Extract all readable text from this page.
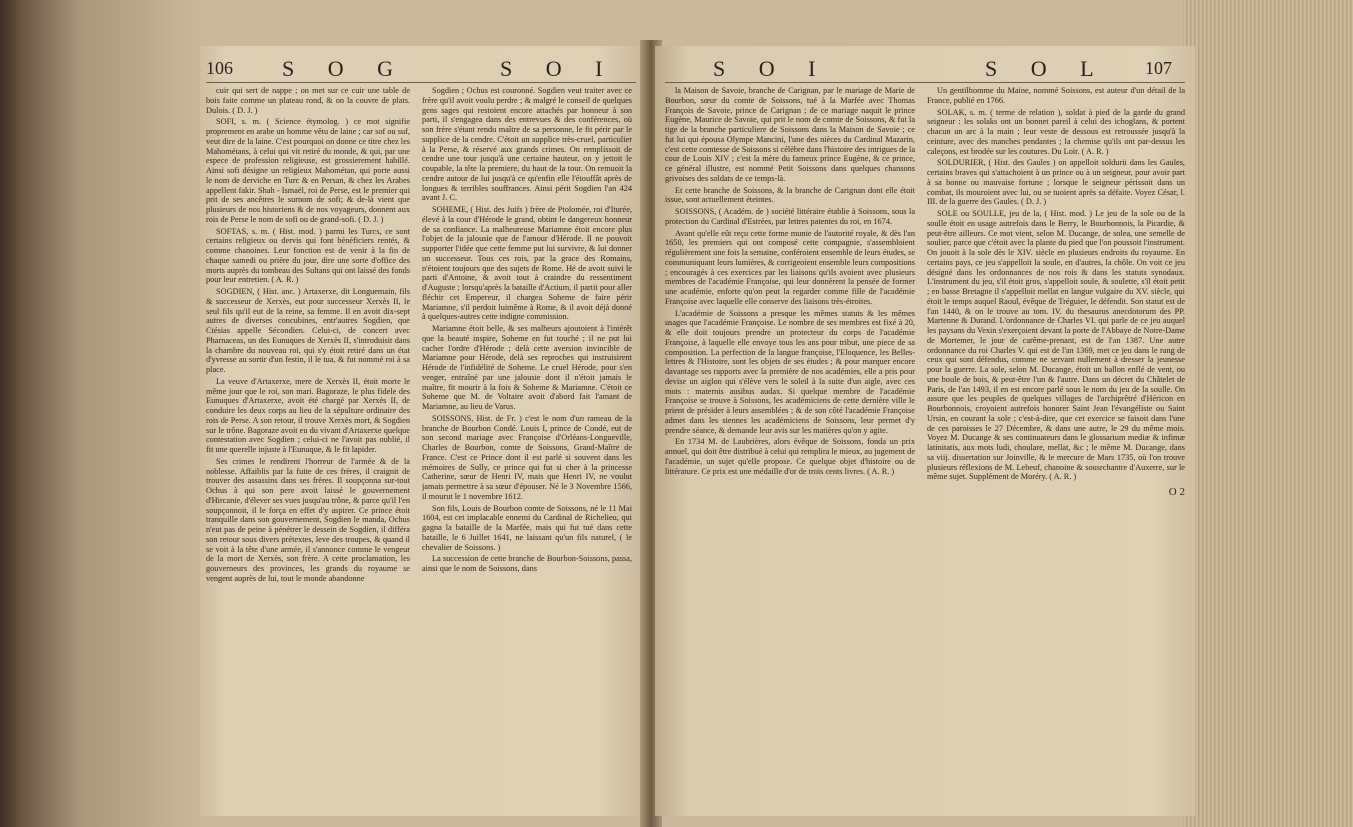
106 S O G	S O I

cuir qui sert de nappe ; on met sur ce cuir une table de bois faite comme un plateau rond, & on la couvre de plats. Dulois. ( D. J. )

SOFI, s. m. ( Science étymolog. ) ce mot signifie proprement en arabe un homme vêtu de laine ; car sof ou suf, veut dire de la laine. C'est pourquoi on donne ce titre chez les Mahométans, à celui qui vit retiré du monde, & qui, par une espece de profession religieuse, est grossierement habillé. Ainsi sofi désigne un religieux Mahométan, qui porte aussi le nom de derviche en Turc & en Persan, & chez les Arabes appellent fakir. Shah - Ismaël, roi de Perse, est le premier qui prit de ses ancêtres le surnom de sofi; & de-là vient que plusieurs de nos historiens & de nos voyageurs, donnent aux rois de Perse le nom de sofi ou de grand-sofi. ( D. J. )

SOFTAS, s. m. ( Hist. mod. ) parmi les Turcs, ce sont certains religieux ou dervis qui font bénéficiers rentés, & comme chanoines. Leur fonction est de venir à la fin de chaque samedi ou prière du jour, dire une sorte d'office des morts auprès du tombeau des Sultans qui ont laissé des fonds pour leur entretien. ( A. R. )

SOGDIEN, ( Hist. anc. ) Artaxerxe, dit Longuemain, fils & successeur de Xerxès, eut pour successeur Xerxès II, le seul fils qu'il eut de la reine, sa femme. Il en avoit dix-sept autres de diverses concubines, entr'autres Sogdien, que Ctésias appelle Sécondien. Celui-ci, de concert avec Pharnaceas, un des Eunuques de Xerxès II, s'introduisit dans la chambre du nouveau roi, qui s'y étoit retiré dans un état d'yvresse au sortir d'un festin, il le tua, & fut nommé roi à sa place.

La veuve d'Artaxerxe, mere de Xerxès II, étoit morte le même jour que le roi, son mari. Bagoraze, le plus fidele des Eunuques d'Artaxerxe, avoit été chargé par Xerxès II, de conduire les deux corps au lieu de la sépulture ordinaire des rois de Perse. A son retour, il trouve Xerxès mort, & Sogdien sur le trône. Bagoraze avoit eu du vivant d'Artaxerxe quelque contestation avec Sogdien ; celui-ci ne l'avoit pas oublié, il fit une querelle injuste à l'Eunuque, & le fit lapider.

Ses crimes le rendirent l'horreur de l'armée & de la noblesse. Affaiblis par la fuite de ces frères, il craignit de trouver des assassins dans ses frères. Il soupçonna sur-tout Ochus à qui son pere avoit laissé le gouvernement d'Hircanie, d'élever ses vues jusqu'au trône, & parce qu'il l'en soupçonnoit, il le força en effet d'y aspirer. Ce prince étoit tranquille dans son gouvernement, Sogdien le manda, Ochus n'eut pas de peine à pénétrer le dessein de Sogdien, il différa son retour sous divers prétextes, leve des troupes, & quand il se voit à la tête d'une armée, il s'annonce comme le vengeur de la mort de Xerxès, son frère. A cette proclamation, les gouverneurs des provinces, les grands du royaume se vengent auprès de lui, tout le monde abandonne

Sogdien ; Ochus est couronné. Sogdien veut traiter avec ce frère qu'il avoit voulu perdre ; & malgré le conseil de quelques gens sages qui restoient encore attachés par honneur à son parti, il s'engagea dans des entrevues & des conférences, où son frère s'étant rendu maître de sa personne, le fit périr par le supplice de la cendre. C'étoit un supplice très-cruel, particulier à la Perse, & réservé aux grands crimes. On remplissoit de cendre une tour jusqu'à une certaine hauteur, on y jettoit le coupable, la tête la premiere, du haut de la tour. On remuoit la cendre autour de lui jusqu'à ce qu'enfin elle l'étouffât après de longues & terribles souffrances. Ainsi périt Sogdien l'an 424 avant J. C.

SOHEME, ( Hist. des Juifs ) frère de Ptolomée, roi d'Iturée, élevé à la cour d'Hérode le grand, obtint le dangereux honneur de sa confiance. La malheureuse Mariamne étoit encore plus l'objet de la jalousie que de l'amour d'Hérode. Il ne pouvoit supporter l'idée que cette femme put lui survivre, & lui donner un successeur. Tous ces rois, par la grace des Romains, n'étoient toujours que des sujets de Rome. Hé de avoit suivi le parti d'Antoine, & avoit tout à craindre du ressentiment d'Auguste ; lorsqu'après la bataille d'Actium, il partit pour aller fléchir cet Empereur, il chargea Soheme de faire périr Mariamne, s'il perdoit luimême à Rome, & il avoit déjà donné à quelques-autres cette indigne commission.

Mariamne étoit belle, & ses malheurs ajoutoient à l'intérêt que la beauté inspire, Soheme en fut touché ; il ne put lui cacher l'ordre d'Hérode ; delà cette aversion invincible de Mariamne pour Hérode, delà ses reproches qui instruisirent Hérode de l'infidélité de Soheme. Le cruel Hérode, pour s'en venger, entraîné par une jalousie dont il n'étoit jamais le maître, fit mourir à la fois & Soheme & Mariamne. C'étoit ce Soheme que M. de Voltaire avoit d'abord fait l'amant de Mariamne, au lieu de Varus.

SOISSONS, Hist. de Fr. ) c'est le nom d'un rameau de la branche de Bourbon Condé. Louis I, prince de Condé, eut de son second mariage avec Françoise d'Orléans-Longueville, Charles de Bourbon, comte de Soissons, Grand-Maître de France. C'est ce Prince dont il est parlé si souvent dans les mémoires de Sully, ce prince qui fut si cher à la princesse Catherine, sœur de Henri IV, mais que Henri IV, ne voulut jamais permettre à sa sœur d'épouser. Né le 3 Novembre 1566, il mourut le 1 novembre 1612.

Son fils, Louis de Bourbon comte de Soissons, né le 11 Mai 1604, est cet implacable ennemi du Cardinal de Richelieu, qui gagna la bataille de la Marfée, mais qui fut tué dans cette bataille, le 6 Juillet 1641, ne laissant qu'un fils naturel, ( le chevalier de Soissons. )

La succession de cette branche de Bourbon-Soissons, passa, ainsi que le nom de Soissons, dans

S O I	S O L 107

la Maison de Savoie, branche de Carignan, par le mariage de Marie de Bourbon, sœur du comte de Soissons, tué à la Marfée avec Thomas François de Savoie, prince de Carignan ; de ce mariage naquit le prince Eugène, Maurice de Savoie, qui prit le nom de comte de Soissons, & fut la tige de la branche particuliere de Soissons dans la Maison de Savoie ; ce fut lui qui épousa Olympe Mancini, l'une des nièces du Cardinal Mazarin, c'est cette comtesse de Soissons si célèbre dans l'histoire des intrigues de la cour de Louis XIV ; c'est la mère du fameux prince Eugène, & ce prince, ce général illustre, est nommé Petit Soissons dans quelques chansons grivoises des soldats de ce temps-là.

Et cette branche de Soissons, & la branche de Carignan dont elle étoit issue, sont actuellement éteintes.

SOISSONS, ( Académ. de ) société littéraire établie à Soissons, sous la protection du Cardinal d'Estrées, par lettres patentes du roi, en 1674.

Avant qu'elle eût reçu cette forme munie de l'autorité royale, & dès l'an 1650, les premiers qui ont composé cette compagnie, s'assembloient régulièrement une fois la semaine, conféroient ensemble de leurs études, se communiquant leurs lumières, & corrigeoient ensemble leurs compositions ; encouragés à ces exercices par les liaisons qu'ils avoient avec plusieurs membres de l'académie Françoise, qui leur donnèrent la pensée de former une académie, enforte qu'on peut la regarder comme fille de l'académie Françoise avec laquelle elle conserve des liaisons très-étroites.

L'académie de Soissons a presque les mêmes statuts & les mêmes usages que l'académie Françoise. Le nombre de ses membres est fixé à 20, & elle doit toujours prendre un protecteur du corps de l'académie Françoise, à laquelle elle envoye tous les ans pour tribut, une piece de sa composition. La perfection de la langue françoise, l'Eloquence, les Belles-lettres & l'Histoire, sont les objets de ses études ; & pour marquer encore davantage ses rapports avec la première de nos académies, elle a pris pour devise un aiglon qui s'élève vers le soleil à la suite d'un aigle, avec ces mots : maternis ausibus audax. Si quelque membre de l'académie Françoise se trouve à Soissons, les académiciens de cette dernière ville le prient de présider à leurs assemblées ; & de son côté l'académie Françoise admet dans les siennes les académiciens de Soissons, leur permet d'y prendre séance, & demande leur avis sur les matières qu'on y agite.

En 1734 M. de Laubrières, alors évêque de Soissons, fonda un prix annuel, qui doit être distribué à celui qui remplira le mieux, au jugement de l'académie, un sujet qu'elle propose. Ce quelque objet d'histoire ou de littérature. Ce prix est une médaille d'or de trois cents livres. ( A. R. )

Un gentilhomme du Maine, nommé Soissons, est auteur d'un détail de la France, publié en 1766.

SOLAK, s. m. ( terme de relation ), soldat à pied de la garde du grand seigneur : les solaks ont un bonnet pareil à celui des ichoglans, & portent chacun un arc à la main ; leur veste de dessous est retroussée jusqu'à la ceinture, avec des manches pendantes ; la chemise qu'ils ont par-dessus les caleçons, est brodée sur les coutures. Du Loir. ( A. R. )

SOLDURIER, ( Hist. des Gaules ) on appelloit soldurii dans les Gaules, certains braves qui s'attachoient à un prince ou à un seigneur, pour avoir part à sa bonne ou mauvaise fortune ; lorsque le seigneur périssoit dans un combat, ils mouroient avec lui, ou se tuoient après sa défaite. Voyez César, l. III. de la guerre des Gaules. ( D. J. )

SOLE ou SOULLE, jeu de la, ( Hist. mod. ) Le jeu de la sole ou de la soulle étoit en usage autrefois dans le Berry, le Bourbonnois, la Picardie, & peut-être ailleurs. Ce mot vient, selon M. Ducange, de solea, une semelle de soulier, parce que c'étoit avec la plante du pied que l'on poussoit l'instrument. On jouoit à la sole dès le XIV. siècle en plusieurs endroits du royaume. En certains pays, ce jeu s'appelloit la soule, en d'autres, la chôle. On voit ce jeu désigné dans les ordonnances de nos rois & dans les statuts synodaux. L'instrument du jeu, s'il étoit gros, s'appelloit soule, & soulette, s'il étoit petit ; en basse Bretagne il s'appelloit mellat en langue vulgaire du XV. siècle, qui étoit le temps auquel Raoul, évêque de Tréguier, le défendit. Son statut est de l'an 1440, & on le trouve au tom. IV. du thesaurus anecdotorum des PP. Martenne & Durand. L'ordonnance de Charles VI. qui parle de ce jeu auquel les paysans du Vexin s'exerçoient devant la porte de l'Abbaye de Notre-Dame de Mortemer, le jour de carême-prenant, est de l'an 1387. Une autre ordonnance du roi Charles V. qui est de l'an 1369, met ce jeu dans le rang de ceux qui sont défendus, comme ne servant nullement à dresser la jeunesse pour la guerre. La sole, selon M. Ducange, étoit un ballon enflé de vent, ou une boule de bois, & peut-être l'un & l'autre. Dans un décret du Châtelet de Paris, de l'an 1493, il en est encore parlé sous le nom du jeu de la soulle. On assure que les peuples de quelques villages de l'archiprêtré d'Héricon en Bourbonnois, croyoient autrefois honorer Saint Jean l'évangéliste ou Saint Ursin, en courant la sole ; c'est-à-dire, que cet exercice se faisoit dans l'une de ces paroisses le 27 Décembre, & dans une autre, le 29 du même mois. Voyez M. Ducange & ses continuateurs dans le glossarium mediæ & infimæ latinitatis, aux mots ludi, choulare, mellat, &c ; le même M. Ducange, dans sa viij. dissertation sur Joinville, & le mercure de Mars 1735, où l'on trouve plusieurs réflexions de M. Lebeuf, chanoine & sousrchantre d'Auxerre, sur le même sujet. Supplément de Moréry. ( A. R. )

O 2
